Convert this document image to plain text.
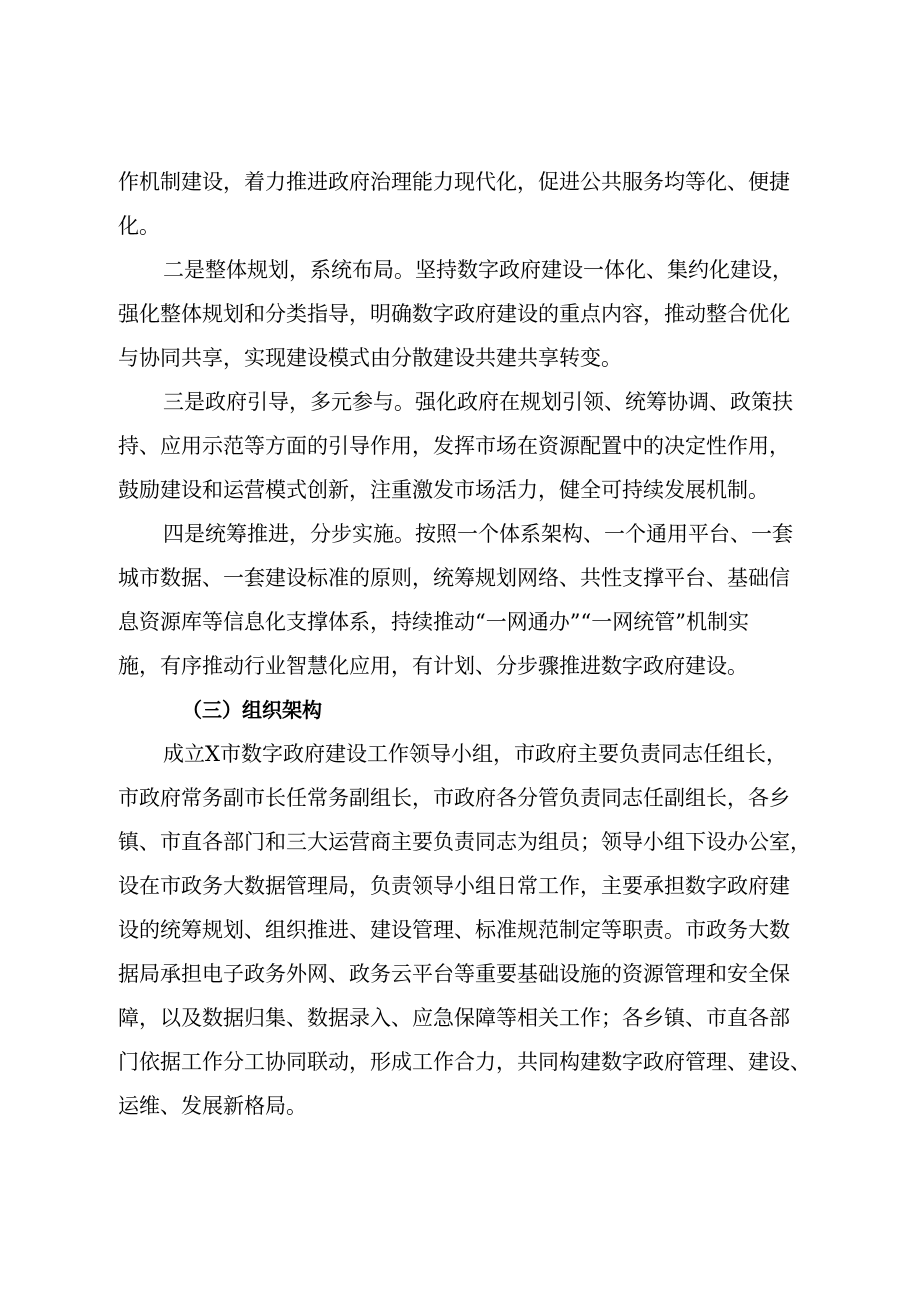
作机制建设，着力推进政府治理能力现代化，促进公共服务均等化、便捷
化。
二是整体规划，系统布局。坚持数字政府建设一体化、集约化建设，
强化整体规划和分类指导，明确数字政府建设的重点内容，推动整合优化
与协同共享，实现建设模式由分散建设共建共享转变。
三是政府引导，多元参与。强化政府在规划引领、统筹协调、政策扶
持、应用示范等方面的引导作用，发挥市场在资源配置中的决定性作用，
鼓励建设和运营模式创新，注重激发市场活力，健全可持续发展机制。
四是统筹推进，分步实施。按照一个体系架构、一个通用平台、一套
城市数据、一套建设标准的原则，统筹规划网络、共性支撑平台、基础信
息资源库等信息化支撑体系，持续推动“一网通办”“一网统管”机制实
施，有序推动行业智慧化应用，有计划、分步骤推进数字政府建设。
（三）组织架构
成立X市数字政府建设工作领导小组，市政府主要负责同志任组长，
市政府常务副市长任常务副组长，市政府各分管负责同志任副组长，各乡
镇、市直各部门和三大运营商主要负责同志为组员；领导小组下设办公室，
设在市政务大数据管理局，负责领导小组日常工作，主要承担数字政府建
设的统筹规划、组织推进、建设管理、标准规范制定等职责。市政务大数
据局承担电子政务外网、政务云平台等重要基础设施的资源管理和安全保
障，以及数据归集、数据录入、应急保障等相关工作；各乡镇、市直各部
门依据工作分工协同联动，形成工作合力，共同构建数字政府管理、建设、
运维、发展新格局。
